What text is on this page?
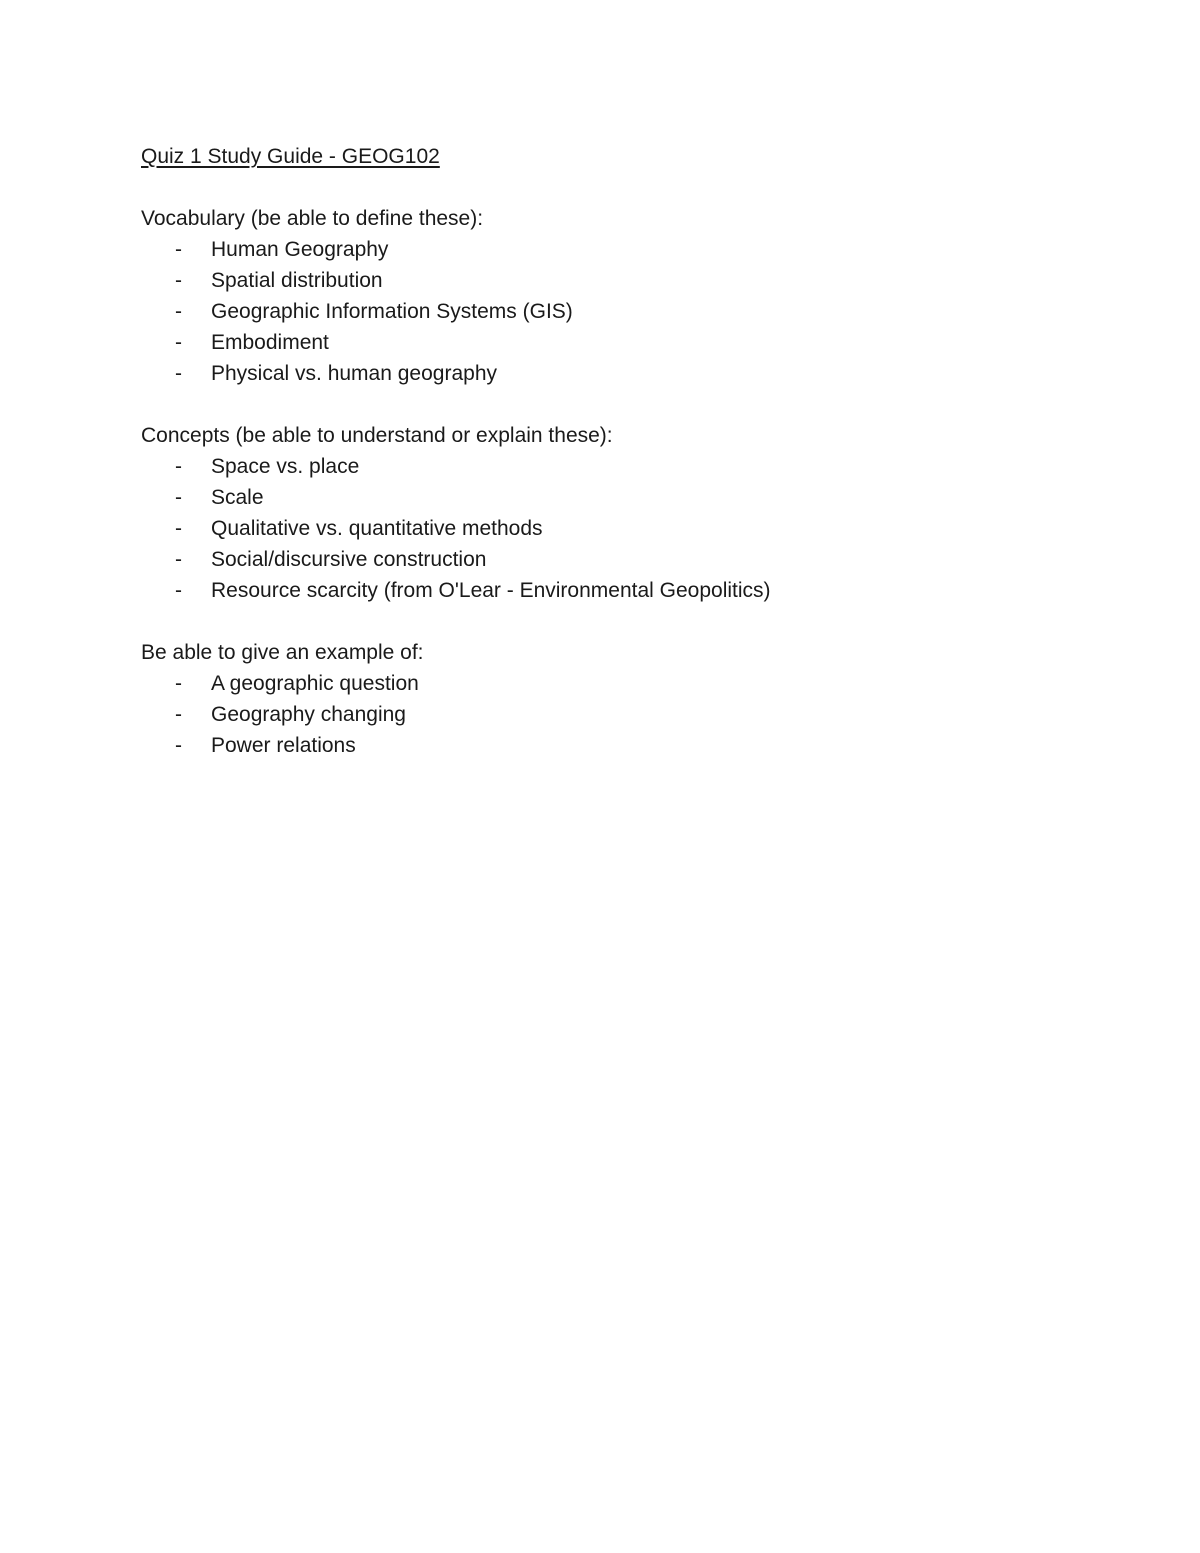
Quiz 1 Study Guide - GEOG102

Vocabulary (be able to define these):

- Human Geography
- Spatial distribution
- Geographic Information Systems (GIS)
- Embodiment
- Physical vs. human geography

Concepts (be able to understand or explain these):

- Space vs. place
- Scale
- Qualitative vs. quantitative methods
- Social/discursive construction
- Resource scarcity (from O'Lear - Environmental Geopolitics)

Be able to give an example of:

- A geographic question
- Geography changing
- Power relations
